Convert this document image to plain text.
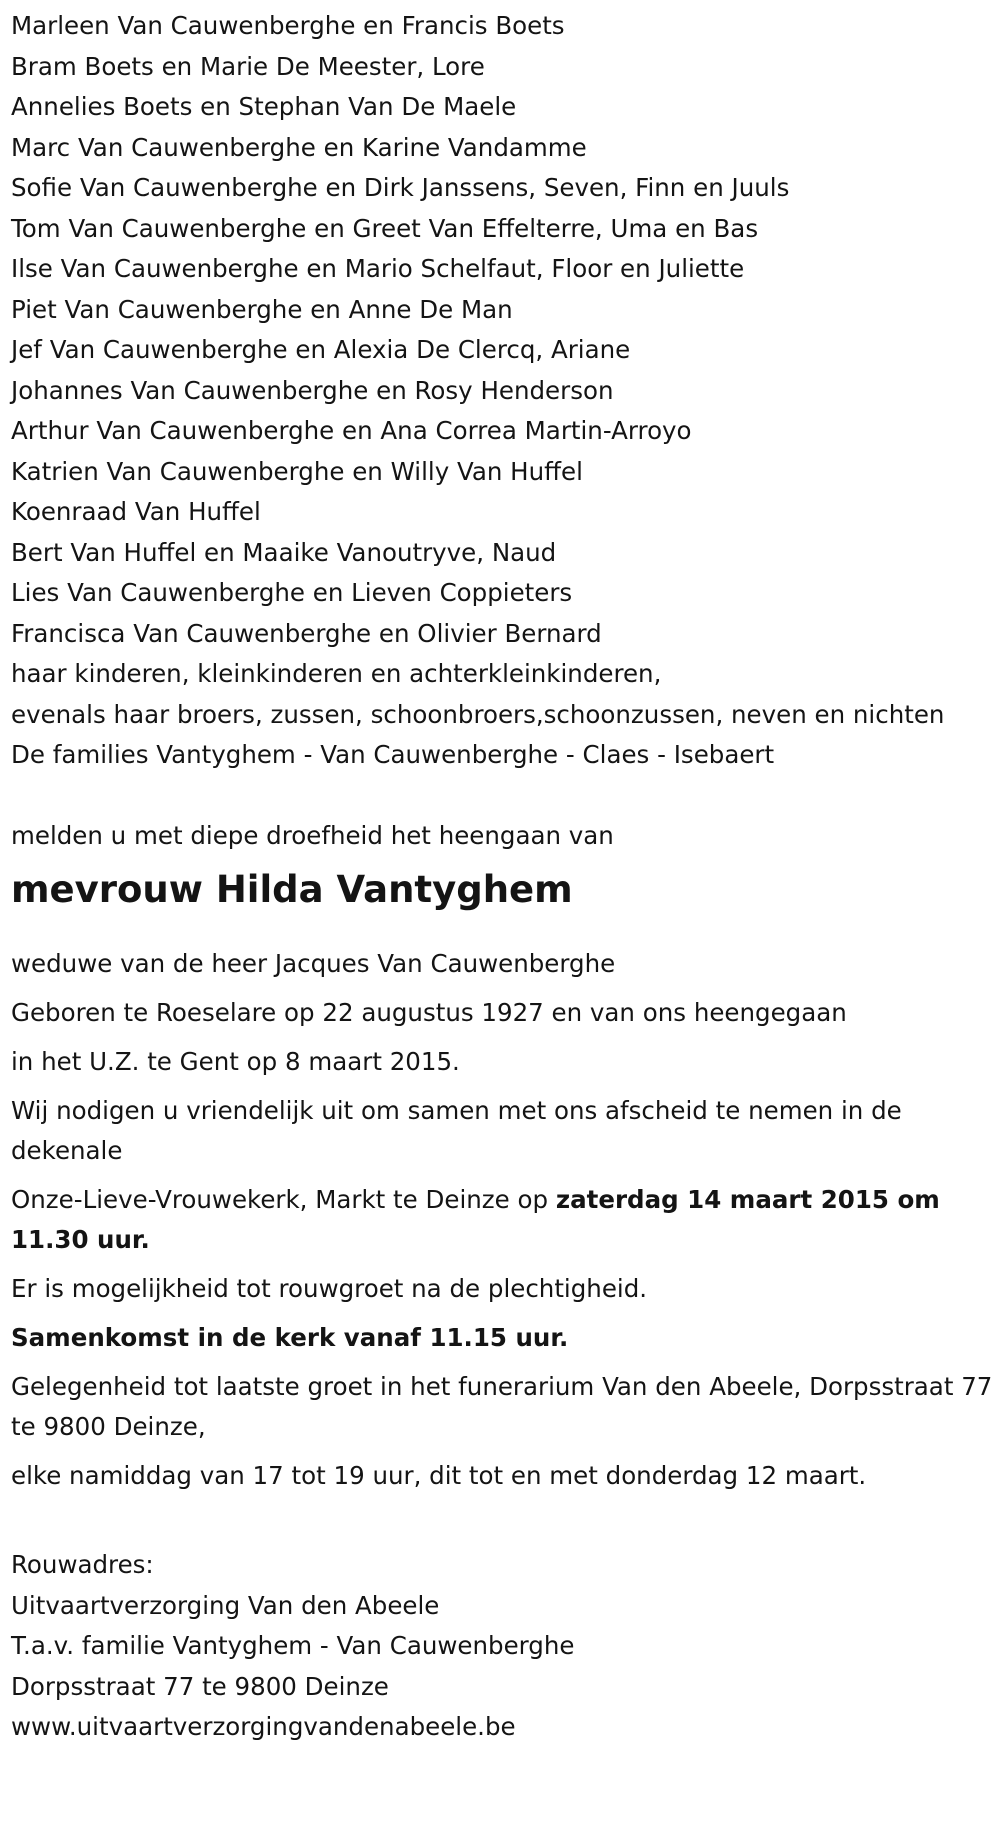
Marleen Van Cauwenberghe en Francis Boets
Bram Boets en Marie De Meester, Lore
Annelies Boets en Stephan Van De Maele
Marc Van Cauwenberghe en Karine Vandamme
Sofie Van Cauwenberghe en Dirk Janssens, Seven, Finn en Juuls
Tom Van Cauwenberghe en Greet Van Effelterre, Uma en Bas
Ilse Van Cauwenberghe en Mario Schelfaut, Floor en Juliette
Piet Van Cauwenberghe en Anne De Man
Jef Van Cauwenberghe en Alexia De Clercq, Ariane
Johannes Van Cauwenberghe en Rosy Henderson
Arthur Van Cauwenberghe en Ana Correa Martin-Arroyo
Katrien Van Cauwenberghe en Willy Van Huffel
Koenraad Van Huffel
Bert Van Huffel en Maaike Vanoutryve, Naud
Lies Van Cauwenberghe en Lieven Coppieters
Francisca Van Cauwenberghe en Olivier Bernard
haar kinderen, kleinkinderen en achterkleinkinderen,
evenals haar broers, zussen, schoonbroers,schoonzussen, neven en nichten
De families Vantyghem - Van Cauwenberghe - Claes - Isebaert
melden u met diepe droefheid het heengaan van
mevrouw Hilda Vantyghem
weduwe van de heer Jacques Van Cauwenberghe
Geboren te Roeselare op 22 augustus 1927 en van ons heengegaan
in het U.Z. te Gent op 8 maart 2015.
Wij nodigen u vriendelijk uit om samen met ons afscheid te nemen in de dekenale
Onze-Lieve-Vrouwekerk, Markt te Deinze op zaterdag 14 maart 2015 om 11.30 uur.
Er is mogelijkheid tot rouwgroet na de plechtigheid.
Samenkomst in de kerk vanaf 11.15 uur.
Gelegenheid tot laatste groet in het funerarium Van den Abeele, Dorpsstraat 77 te 9800 Deinze,
elke namiddag van 17 tot 19 uur, dit tot en met donderdag 12 maart.
Rouwadres:
Uitvaartverzorging Van den Abeele
T.a.v. familie Vantyghem - Van Cauwenberghe
Dorpsstraat 77 te 9800 Deinze
www.uitvaartverzorgingvandenabeele.be
